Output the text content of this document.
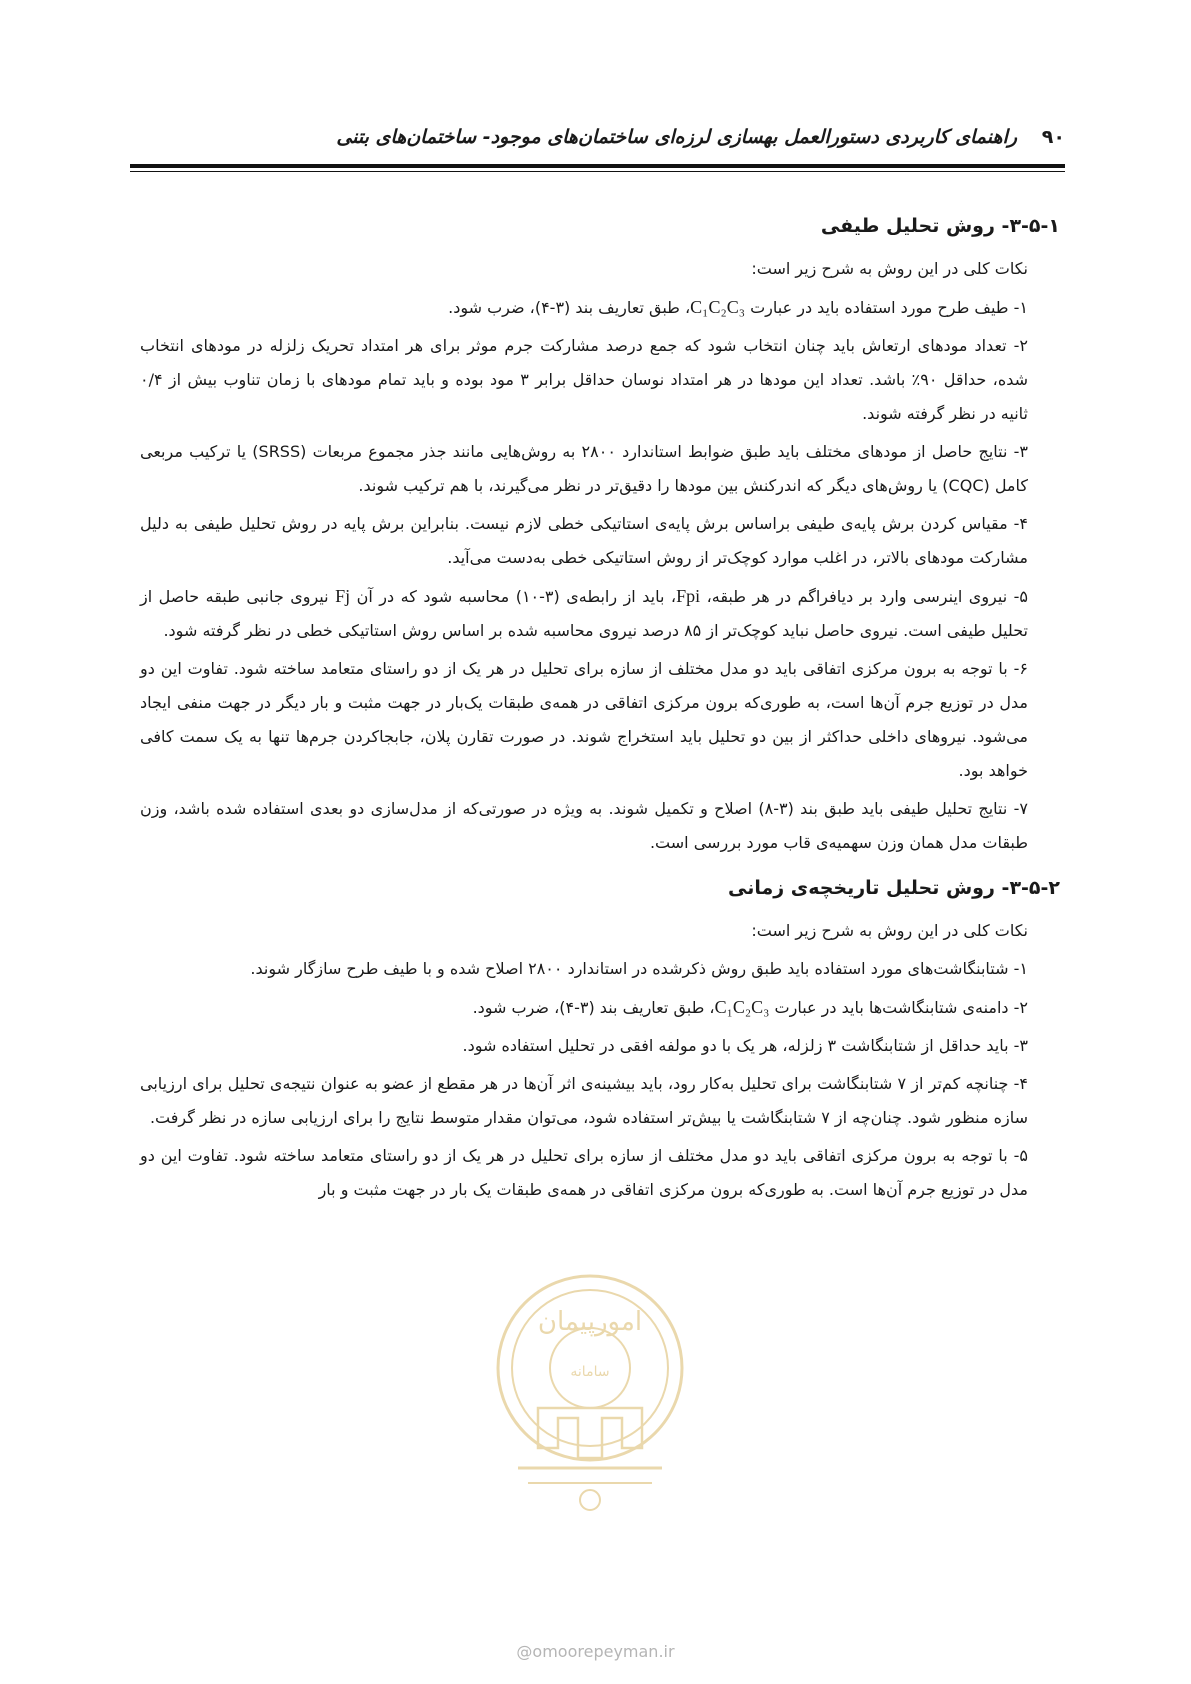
راهنمای کاربردی دستورالعمل بهسازی لرزه‌ای ساختمان‌های موجود- ساختمان‌های بتنی ۹۰
۳-۵-۱- روش تحلیل طیفی

نکات کلی در این روش به شرح زیر است:

۱- طیف طرح مورد استفاده باید در عبارت C₁C₂C₃، طبق تعاریف بند (۳-۴)، ضرب شود.

۲- تعداد مودهای ارتعاش باید چنان انتخاب شود که جمع درصد مشارکت جرم موثر برای هر امتداد تحریک زلزله در مودهای انتخاب شده، حداقل ۹۰٪ باشد. تعداد این مودها در هر امتداد نوسان حداقل برابر ۳ مود بوده و باید تمام مودهای با زمان تناوب بیش از ۰/۴ ثانیه در نظر گرفته شوند.

۳- نتایج حاصل از مودهای مختلف باید طبق ضوابط استاندارد ۲۸۰۰ به روش‌هایی مانند جذر مجموع مربعات (SRSS) یا ترکیب مربعی کامل (CQC) یا روش‌های دیگر که اندرکنش بین مودها را دقیق‌تر در نظر می‌گیرند، با هم ترکیب شوند.

۴- مقیاس کردن برش پایه‌ی طیفی براساس برش پایه‌ی استاتیکی خطی لازم نیست. بنابراین برش پایه در روش تحلیل طیفی به دلیل مشارکت مودهای بالاتر، در اغلب موارد کوچک‌تر از روش استاتیکی خطی به‌دست می‌آید.

۵- نیروی اینرسی وارد بر دیافراگم در هر طبقه، Fpi، باید از رابطه‌ی (۳-۱۰) محاسبه شود که در آن Fj نیروی جانبی طبقه حاصل از تحلیل طیفی است. نیروی حاصل نباید کوچک‌تر از ۸۵ درصد نیروی محاسبه شده بر اساس روش استاتیکی خطی در نظر گرفته شود.

۶- با توجه به برون مرکزی اتفاقی باید دو مدل مختلف از سازه برای تحلیل در هر یک از دو راستای متعامد ساخته شود. تفاوت این دو مدل در توزیع جرم آن‌ها است، به طوری‌که برون مرکزی اتفاقی در همه‌ی طبقات یک‌بار در جهت مثبت و بار دیگر در جهت منفی ایجاد می‌شود. نیروهای داخلی حداکثر از بین دو تحلیل باید استخراج شوند. در صورت تقارن پلان، جابجاکردن جرم‌ها تنها به یک سمت کافی خواهد بود.

۷- نتایج تحلیل طیفی باید طبق بند (۳-۸) اصلاح و تکمیل شوند. به ویژه در صورتی‌که از مدل‌سازی دو بعدی استفاده شده باشد، وزن طبقات مدل همان وزن سهمیه‌ی قاب مورد بررسی است.

۳-۵-۲- روش تحلیل تاریخچه‌ی زمانی

نکات کلی در این روش به شرح زیر است:

۱- شتابنگاشت‌های مورد استفاده باید طبق روش ذکرشده در استاندارد ۲۸۰۰ اصلاح شده و با طیف طرح سازگار شوند.

۲- دامنه‌ی شتابنگاشت‌ها باید در عبارت C₁C₂C₃، طبق تعاریف بند (۳-۴)، ضرب شود.

۳- باید حداقل از شتابنگاشت ۳ زلزله، هر یک با دو مولفه افقی در تحلیل استفاده شود.

۴- چنانچه کم‌تر از ۷ شتابنگاشت برای تحلیل به‌کار رود، باید بیشینه‌ی اثر آن‌ها در هر مقطع از عضو به عنوان نتیجه‌ی تحلیل برای ارزیابی سازه منظور شود. چنان‌چه از ۷ شتابنگاشت یا بیش‌تر استفاده شود، می‌توان مقدار متوسط نتایج را برای ارزیابی سازه در نظر گرفت.

۵- با توجه به برون مرکزی اتفاقی باید دو مدل مختلف از سازه برای تحلیل در هر یک از دو راستای متعامد ساخته شود. تفاوت این دو مدل در توزیع جرم آن‌ها است. به طوری‌که برون مرکزی اتفاقی در همه‌ی طبقات یک بار در جهت مثبت و بار

امورپیمان
سامانه
@omoorepeyman.ir
